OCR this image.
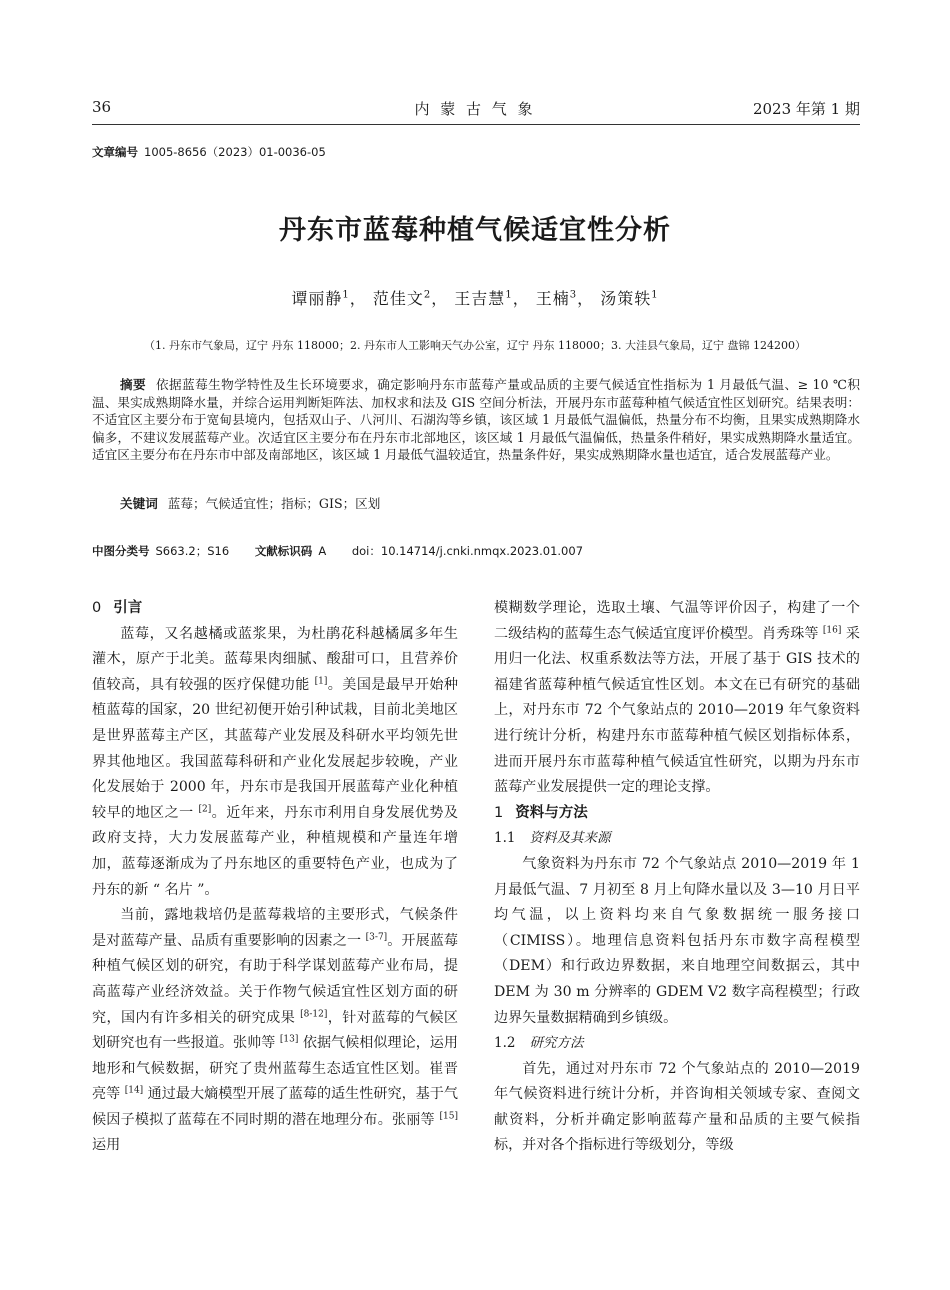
36	内 蒙 古 气 象	2023 年第 1 期
文章编号 1005-8656（2023）01-0036-05
丹东市蓝莓种植气候适宜性分析
谭丽静$^1$， 范佳文$^2$， 王吉慧$^1$， 王楠$^3$， 汤策轶$^1$
（1. 丹东市气象局，辽宁 丹东 118000；2. 丹东市人工影响天气办公室，辽宁 丹东 118000；3. 大洼县气象局，辽宁 盘锦 124200）
摘要 依据蓝莓生物学特性及生长环境要求，确定影响丹东市蓝莓产量或品质的主要气候适宜性指标为 1 月最低气温、≥ 10 ℃积温、果实成熟期降水量，并综合运用判断矩阵法、加权求和法及 GIS 空间分析法，开展丹东市蓝莓种植气候适宜性区划研究。结果表明：不适宜区主要分布于宽甸县境内，包括双山子、八河川、石湖沟等乡镇，该区域 1 月最低气温偏低，热量分布不均衡，且果实成熟期降水偏多，不建议发展蓝莓产业。次适宜区主要分布在丹东市北部地区，该区域 1 月最低气温偏低，热量条件稍好，果实成熟期降水量适宜。适宜区主要分布在丹东市中部及南部地区，该区域 1 月最低气温较适宜，热量条件好，果实成熟期降水量也适宜，适合发展蓝莓产业。
关键词 蓝莓；气候适宜性；指标；GIS；区划
中图分类号 S663.2；S16 文献标识码 A doi：10.14714/j.cnki.nmqx.2023.01.007
0 引言

蓝莓，又名越橘或蓝浆果，为杜鹃花科越橘属多年生灌木，原产于北美。蓝莓果肉细腻、酸甜可口，且营养价值较高，具有较强的医疗保健功能 [1]。美国是最早开始种植蓝莓的国家，20 世纪初便开始引种试栽，目前北美地区是世界蓝莓主产区，其蓝莓产业发展及科研水平均领先世界其他地区。我国蓝莓科研和产业化发展起步较晚，产业化发展始于 2000 年，丹东市是我国开展蓝莓产业化种植较早的地区之一 [2]。近年来，丹东市利用自身发展优势及政府支持，大力发展蓝莓产业，种植规模和产量连年增加，蓝莓逐渐成为了丹东地区的重要特色产业，也成为了丹东的新 “ 名片 ”。

当前，露地栽培仍是蓝莓栽培的主要形式，气候条件是对蓝莓产量、品质有重要影响的因素之一 [3-7]。开展蓝莓种植气候区划的研究，有助于科学谋划蓝莓产业布局，提高蓝莓产业经济效益。关于作物气候适宜性区划方面的研究，国内有许多相关的研究成果 [8-12]，针对蓝莓的气候区划研究也有一些报道。张帅等 [13] 依据气候相似理论，运用地形和气候数据，研究了贵州蓝莓生态适宜性区划。崔晋亮等 [14] 通过最大熵模型开展了蓝莓的适生性研究，基于气候因子模拟了蓝莓在不同时期的潜在地理分布。张丽等 [15] 运用

模糊数学理论，选取土壤、气温等评价因子，构建了一个二级结构的蓝莓生态气候适宜度评价模型。肖秀珠等 [16] 采用归一化法、权重系数法等方法，开展了基于 GIS 技术的福建省蓝莓种植气候适宜性区划。本文在已有研究的基础上，对丹东市 72 个气象站点的 2010—2019 年气象资料进行统计分析，构建丹东市蓝莓种植气候区划指标体系，进而开展丹东市蓝莓种植气候适宜性研究，以期为丹东市蓝莓产业发展提供一定的理论支撑。

1 资料与方法
1.1 资料及其来源

气象资料为丹东市 72 个气象站点 2010—2019 年 1 月最低气温、7 月初至 8 月上旬降水量以及 3—10 月日平均气温，以上资料均来自气象数据统一服务接口（CIMISS）。地理信息资料包括丹东市数字高程模型（DEM）和行政边界数据，来自地理空间数据云，其中 DEM 为 30 m 分辨率的 GDEM V2 数字高程模型；行政边界矢量数据精确到乡镇级。

1.2 研究方法

首先，通过对丹东市 72 个气象站点的 2010—2019 年气候资料进行统计分析，并咨询相关领域专家、查阅文献资料，分析并确定影响蓝莓产量和品质的主要气候指标，并对各个指标进行等级划分，等级
